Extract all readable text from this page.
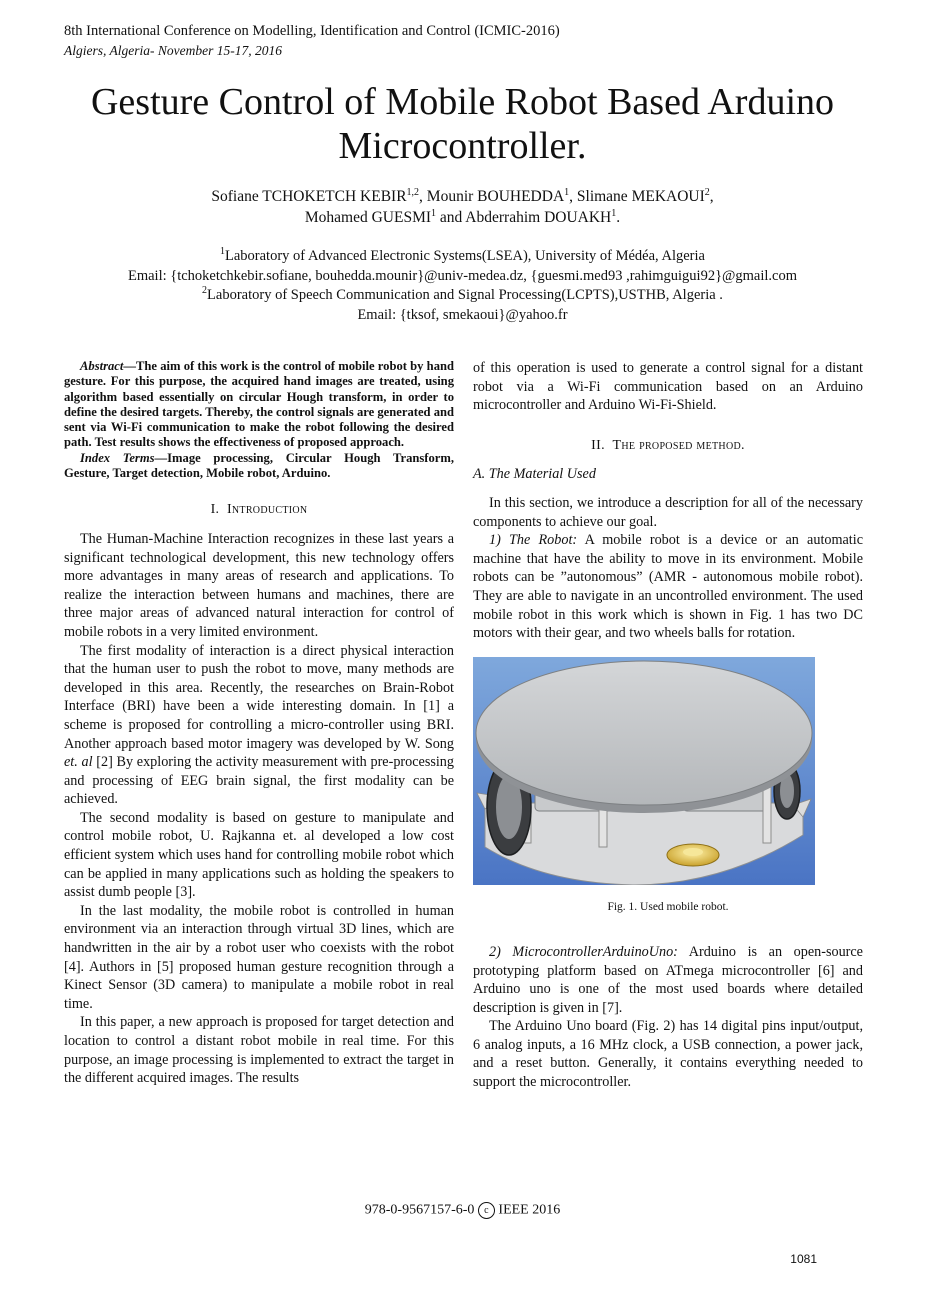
8th International Conference on Modelling, Identification and Control (ICMIC-2016)
Algiers, Algeria- November 15-17, 2016
Gesture Control of Mobile Robot Based Arduino
Microcontroller.
Sofiane TCHOKETCH KEBIR$^{1,2}$, Mounir BOUHEDDA$^1$, Slimane MEKAOUI$^2$,
Mohamed GUESMI$^1$ and Abderrahim DOUAKH$^1$.
$^1$Laboratory of Advanced Electronic Systems(LSEA), University of Médéa, Algeria
Email: {tchoketchkebir.sofiane, bouhedda.mounir}@univ-medea.dz, {guesmi.med93 ,rahimguigui92}@gmail.com
$^2$Laboratory of Speech Communication and Signal Processing(LCPTS),USTHB, Algeria .
Email: {tksof, smekaoui}@yahoo.fr

Abstract—The aim of this work is the control of mobile robot by hand gesture. For this purpose, the acquired hand images are treated, using algorithm based essentially on circular Hough transform, in order to define the desired targets. Thereby, the control signals are generated and sent via Wi-Fi communication to make the robot following the desired path. Test results shows the effectiveness of proposed approach.

Index Terms—Image processing, Circular Hough Transform, Gesture, Target detection, Mobile robot, Arduino.

I. Introduction

The Human-Machine Interaction recognizes in these last years a significant technological development, this new technology offers more advantages in many areas of research and applications. To realize the interaction between humans and machines, there are three major areas of advanced natural interaction for control of mobile robots in a very limited environment.

The first modality of interaction is a direct physical interaction that the human user to push the robot to move, many methods are developed in this area. Recently, the researches on Brain-Robot Interface (BRI) have been a wide interesting domain. In [1] a scheme is proposed for controlling a micro-controller using BRI. Another approach based motor imagery was developed by W. Song et. al [2] By exploring the activity measurement with pre-processing and processing of EEG brain signal, the first modality can be achieved.

The second modality is based on gesture to manipulate and control mobile robot, U. Rajkanna et. al developed a low cost efficient system which uses hand for controlling mobile robot which can be applied in many applications such as holding the speakers to assist dumb people [3].

In the last modality, the mobile robot is controlled in human environment via an interaction through virtual 3D lines, which are handwritten in the air by a robot user who coexists with the robot [4]. Authors in [5] proposed human gesture recognition through a Kinect Sensor (3D camera) to manipulate a mobile robot in real time.

In this paper, a new approach is proposed for target detection and location to control a distant robot mobile in real time. For this purpose, an image processing is implemented to extract the target in the different acquired images. The results

of this operation is used to generate a control signal for a distant robot via a Wi-Fi communication based on an Arduino microcontroller and Arduino Wi-Fi-Shield.

II. The proposed method.
A. The Material Used

In this section, we introduce a description for all of the necessary components to achieve our goal.

1) The Robot: A mobile robot is a device or an automatic machine that have the ability to move in its environment. Mobile robots can be ”autonomous” (AMR - autonomous mobile robot). They are able to navigate in an uncontrolled environment. The used mobile robot in this work which is shown in Fig. 1 has two DC motors with their gear, and two wheels balls for rotation.

Fig. 1. Used mobile robot.

2) MicrocontrollerArduinoUno: Arduino is an open-source prototyping platform based on ATmega microcontroller [6] and Arduino uno is one of the most used boards where detailed description is given in [7].

The Arduino Uno board (Fig. 2) has 14 digital pins input/output, 6 analog inputs, a 16 MHz clock, a USB connection, a power jack, and a reset button. Generally, it contains everything needed to support the microcontroller.

978-0-9567157-6-0 c IEEE 2016
1081
